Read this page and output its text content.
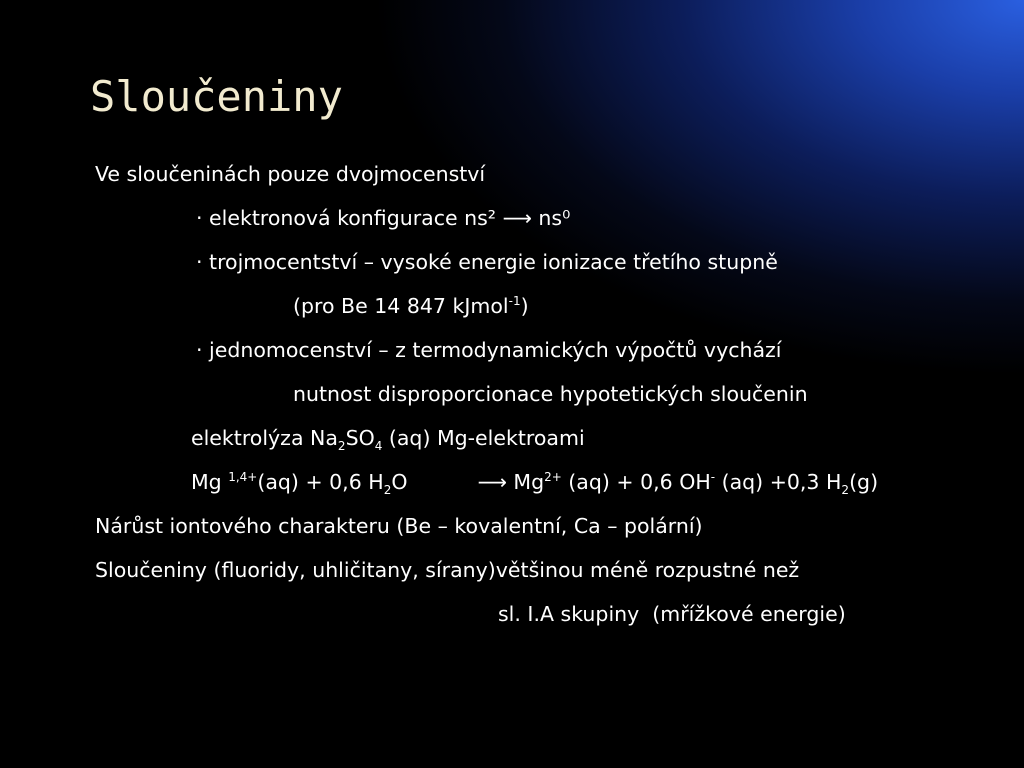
Sloučeniny
Ve sloučeninách pouze dvojmocenství
· elektronová konfigurace ns² ⟶ ns⁰
· trojmocentství – vysoké energie ionizace třetího stupně
(pro Be 14 847 kJmol$^{-1}$)
· jednomocenství – z termodynamických výpočtů vychází
nutnost disproporcionace hypotetických sloučenin
elektrolýza $Na_2SO_4$ (aq) Mg-elektroami
Mg $^{1,4+}$(aq) + 0,6 $H_2O$	⟶ $Mg^{2+}$ (aq) + 0,6 OH- (aq) +0,3 $H_2(g)$
Nárůst iontového charakteru (Be – kovalentní, Ca – polární)
Sloučeniny (fluoridy, uhličitany, sírany)většinou méně rozpustné než
sl. I.A skupiny  (mřížkové energie)
